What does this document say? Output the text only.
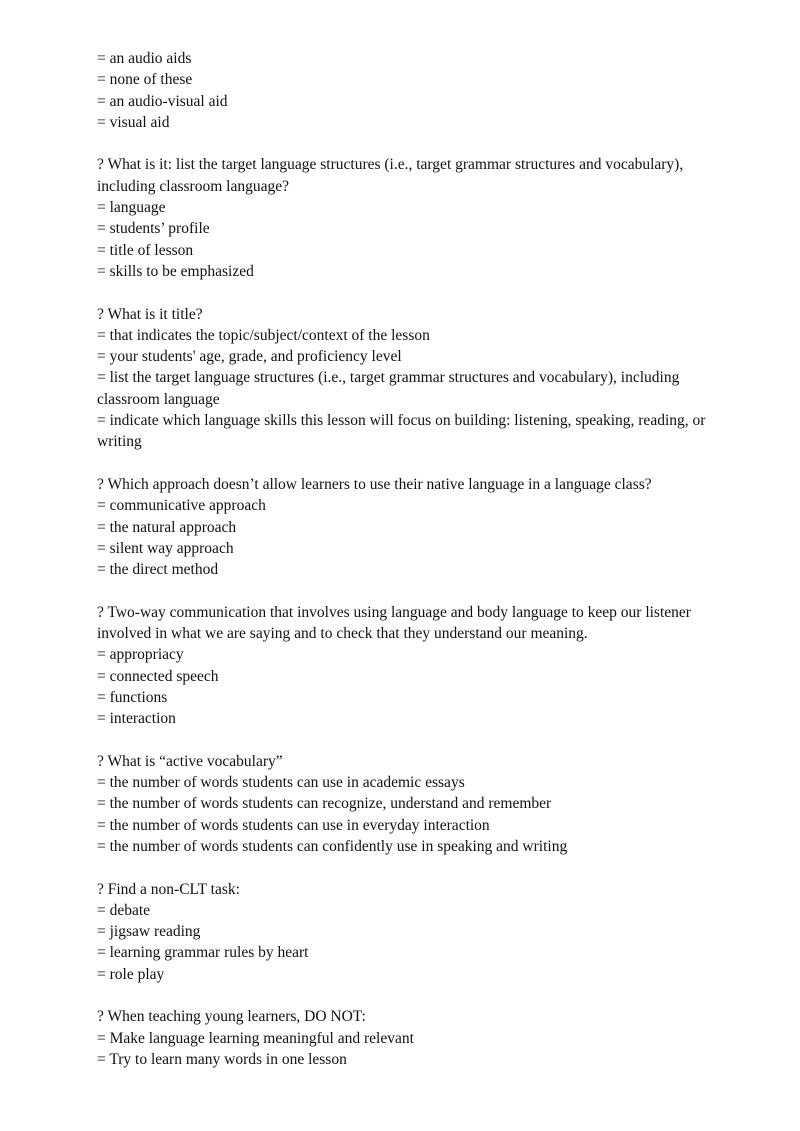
= an audio aids
= none of these
= an audio-visual aid
= visual aid
? What is it: list the target language structures (i.e., target grammar structures and vocabulary), including classroom language?
= language
= students’ profile
= title of lesson
= skills to be emphasized
? What is it title?
= that indicates the topic/subject/context of the lesson
= your students' age, grade, and proficiency level
= list the target language structures (i.e., target grammar structures and vocabulary), including classroom language
= indicate which language skills this lesson will focus on building: listening, speaking, reading, or writing
? Which approach doesn’t allow learners to use their native language in a language class?
= communicative approach
= the natural approach
= silent way approach
= the direct method
? Two-way communication that involves using language and body language to keep our listener involved in what we are saying and to check that they understand our meaning.
= appropriacy
= connected speech
= functions
= interaction
? What is “active vocabulary”
= the number of words students can use in academic essays
= the number of words students can recognize, understand and remember
= the number of words students can use in everyday interaction
= the number of words students can confidently use in speaking and writing
? Find a non-CLT task:
= debate
= jigsaw reading
= learning grammar rules by heart
= role play
? When teaching young learners, DO NOT:
= Make language learning meaningful and relevant
= Try to learn many words in one lesson
